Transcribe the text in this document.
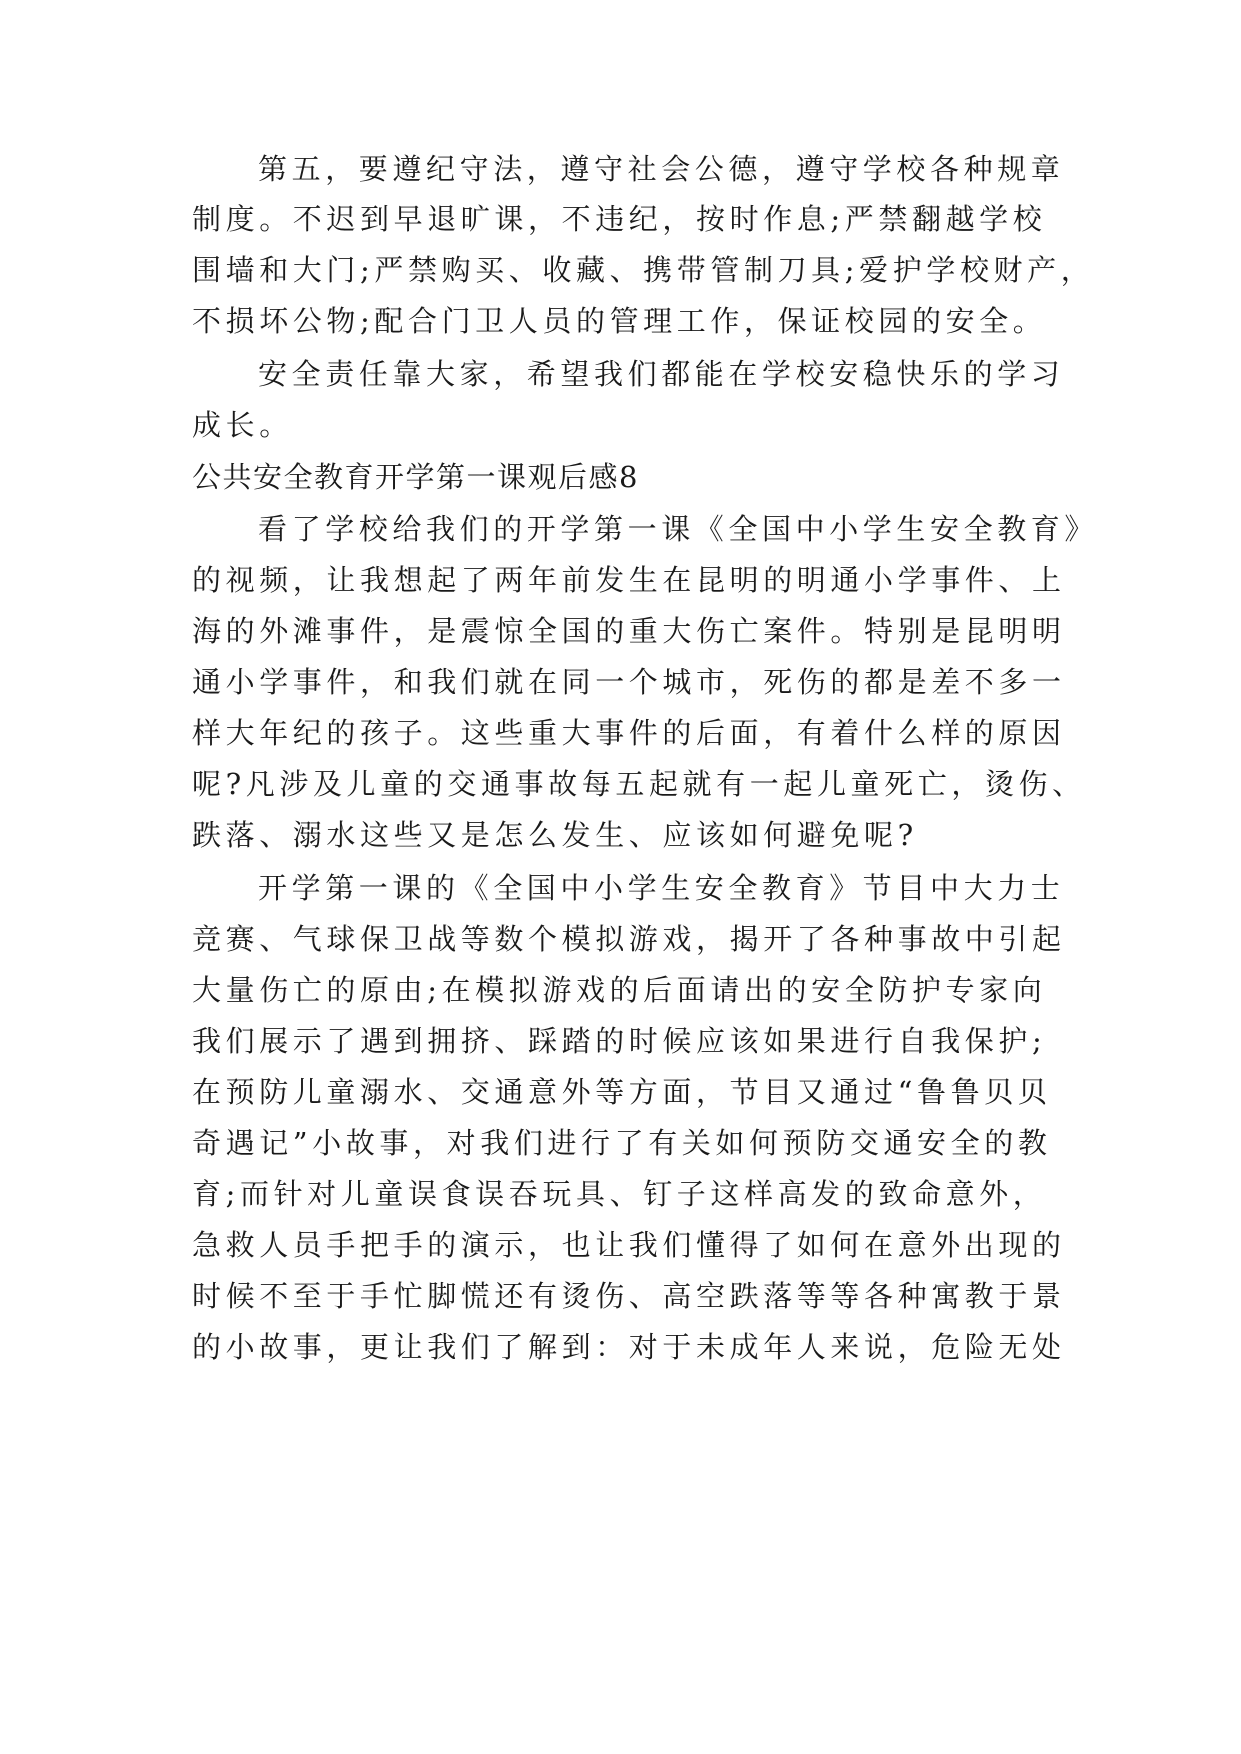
第五，要遵纪守法，遵守社会公德，遵守学校各种规章
制度。不迟到早退旷课，不违纪，按时作息;严禁翻越学校
围墙和大门;严禁购买、收藏、携带管制刀具;爱护学校财产，
不损坏公物;配合门卫人员的管理工作，保证校园的安全。
安全责任靠大家，希望我们都能在学校安稳快乐的学习
成长。
公共安全教育开学第一课观后感8
看了学校给我们的开学第一课《全国中小学生安全教育》
的视频，让我想起了两年前发生在昆明的明通小学事件、上
海的外滩事件，是震惊全国的重大伤亡案件。特别是昆明明
通小学事件，和我们就在同一个城市，死伤的都是差不多一
样大年纪的孩子。这些重大事件的后面，有着什么样的原因
呢?凡涉及儿童的交通事故每五起就有一起儿童死亡，烫伤、
跌落、溺水这些又是怎么发生、应该如何避免呢?
开学第一课的《全国中小学生安全教育》节目中大力士
竞赛、气球保卫战等数个模拟游戏，揭开了各种事故中引起
大量伤亡的原由;在模拟游戏的后面请出的安全防护专家向
我们展示了遇到拥挤、踩踏的时候应该如果进行自我保护;
在预防儿童溺水、交通意外等方面，节目又通过“鲁鲁贝贝
奇遇记”小故事，对我们进行了有关如何预防交通安全的教
育;而针对儿童误食误吞玩具、钉子这样高发的致命意外，
急救人员手把手的演示，也让我们懂得了如何在意外出现的
时候不至于手忙脚慌还有烫伤、高空跌落等等各种寓教于景
的小故事，更让我们了解到：对于未成年人来说，危险无处
